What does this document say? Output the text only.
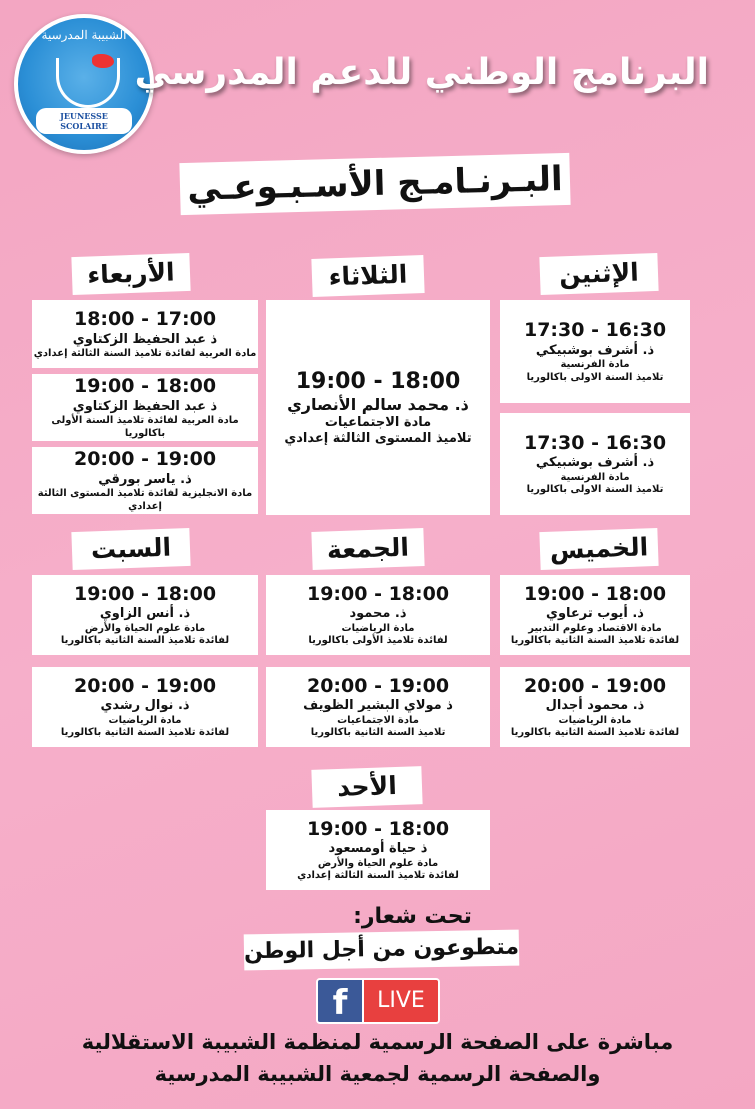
الشبيبة المدرسية
JEUNESSE SCOLAIRE
البرنامج الوطني للدعم المدرسي
البـرنـامـج الأسـبـوعـي
الإثنين
17:30 - 16:30
ذ. أشرف بوشبيكي
مادة الفرنسية
تلاميذ السنة الاولى باكالوريا
17:30 - 16:30
ذ. أشرف بوشبيكي
مادة الفرنسية
تلاميذ السنة الاولى باكالوريا
الثلاثاء
19:00 - 18:00
ذ. محمد سالم الأنصاري
مادة الاجتماعيات
تلاميذ المستوى الثالثة إعدادي
الأربعاء
18:00 - 17:00
ذ عبد الحفيظ الزكتاوي
مادة العربية لفائدة تلاميذ السنة الثالثة إعدادي
19:00 - 18:00
ذ عبد الحفيظ الزكتاوي
مادة العربية لفائدة تلاميذ السنة الأولى باكالوريا
20:00 - 19:00
ذ. ياسر بورقي
مادة الانجليزية لفائدة تلاميذ المستوى الثالثة إعدادي
الخميس
19:00 - 18:00
ذ. أيوب ترعاوي
مادة الاقتصاد وعلوم التدبير
لفائدة تلاميذ السنة الثانية باكالوريا
20:00 - 19:00
ذ. محمود أجدال
مادة الرياضيات
لفائدة تلاميذ السنة الثانية باكالوريا
الجمعة
19:00 - 18:00
ذ. محمود
مادة الرياضيات
لفائدة تلاميذ الأولى باكالوريا
20:00 - 19:00
ذ مولاي البشير الظويف
مادة الاجتماعيات
تلاميذ السنة الثانية باكالوريا
السبت
19:00 - 18:00
ذ. أنس الزاوي
مادة علوم الحياة والأرض
لفائدة تلاميذ السنة الثانية باكالوريا
20:00 - 19:00
ذ. نوال رشدي
مادة الرياضيات
لفائدة تلاميذ السنة الثانية باكالوريا
الأحد
19:00 - 18:00
ذ حياة أومسعود
مادة علوم الحياة والأرض
لفائدة تلاميذ السنة الثالثة إعدادي
تحت شعار:
متطوعون من أجل الوطن
f	LIVE
مباشرة على الصفحة الرسمية لمنظمة الشبيبة الاستقلالية
والصفحة الرسمية لجمعية الشبيبة المدرسية
